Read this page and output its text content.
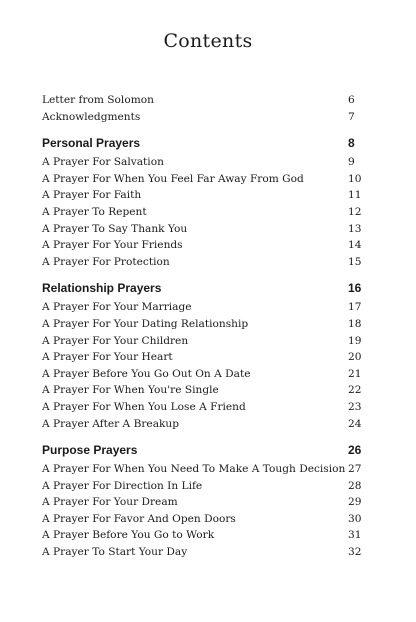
Contents
Letter from Solomon	6
Acknowledgments	7
Personal Prayers	8
A Prayer For Salvation	9
A Prayer For When You Feel Far Away From God	10
A Prayer For Faith	11
A Prayer To Repent	12
A Prayer To Say Thank You	13
A Prayer For Your Friends	14
A Prayer For Protection	15
Relationship Prayers	16
A Prayer For Your Marriage	17
A Prayer For Your Dating Relationship	18
A Prayer For Your Children	19
A Prayer For Your Heart	20
A Prayer Before You Go Out On A Date	21
A Prayer For When You're Single	22
A Prayer For When You Lose A Friend	23
A Prayer After A Breakup	24
Purpose Prayers	26
A Prayer For When You Need To Make A Tough Decision 27
A Prayer For Direction In Life	28
A Prayer For Your Dream	29
A Prayer For Favor And Open Doors	30
A Prayer Before You Go to Work	31
A Prayer To Start Your Day	32
